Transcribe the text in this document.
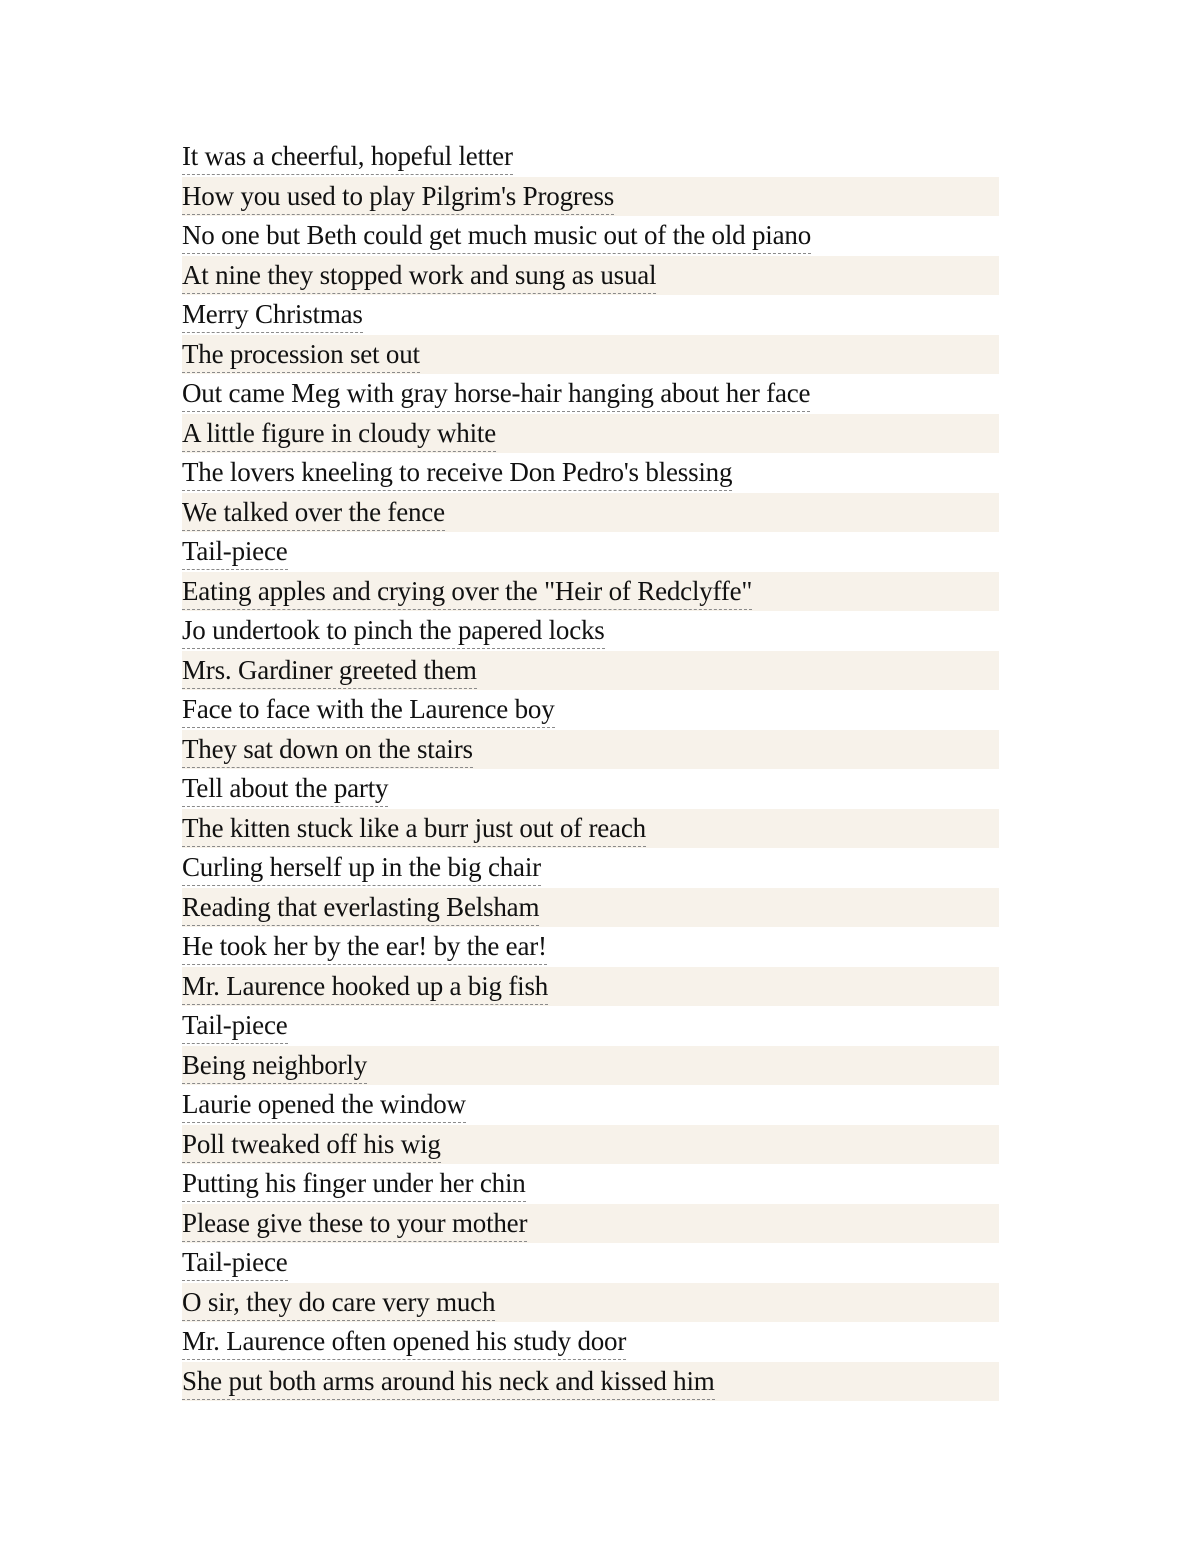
It was a cheerful, hopeful letter
How you used to play Pilgrim's Progress
No one but Beth could get much music out of the old piano
At nine they stopped work and sung as usual
Merry Christmas
The procession set out
Out came Meg with gray horse-hair hanging about her face
A little figure in cloudy white
The lovers kneeling to receive Don Pedro's blessing
We talked over the fence
Tail-piece
Eating apples and crying over the "Heir of Redclyffe"
Jo undertook to pinch the papered locks
Mrs. Gardiner greeted them
Face to face with the Laurence boy
They sat down on the stairs
Tell about the party
The kitten stuck like a burr just out of reach
Curling herself up in the big chair
Reading that everlasting Belsham
He took her by the ear! by the ear!
Mr. Laurence hooked up a big fish
Tail-piece
Being neighborly
Laurie opened the window
Poll tweaked off his wig
Putting his finger under her chin
Please give these to your mother
Tail-piece
O sir, they do care very much
Mr. Laurence often opened his study door
She put both arms around his neck and kissed him
